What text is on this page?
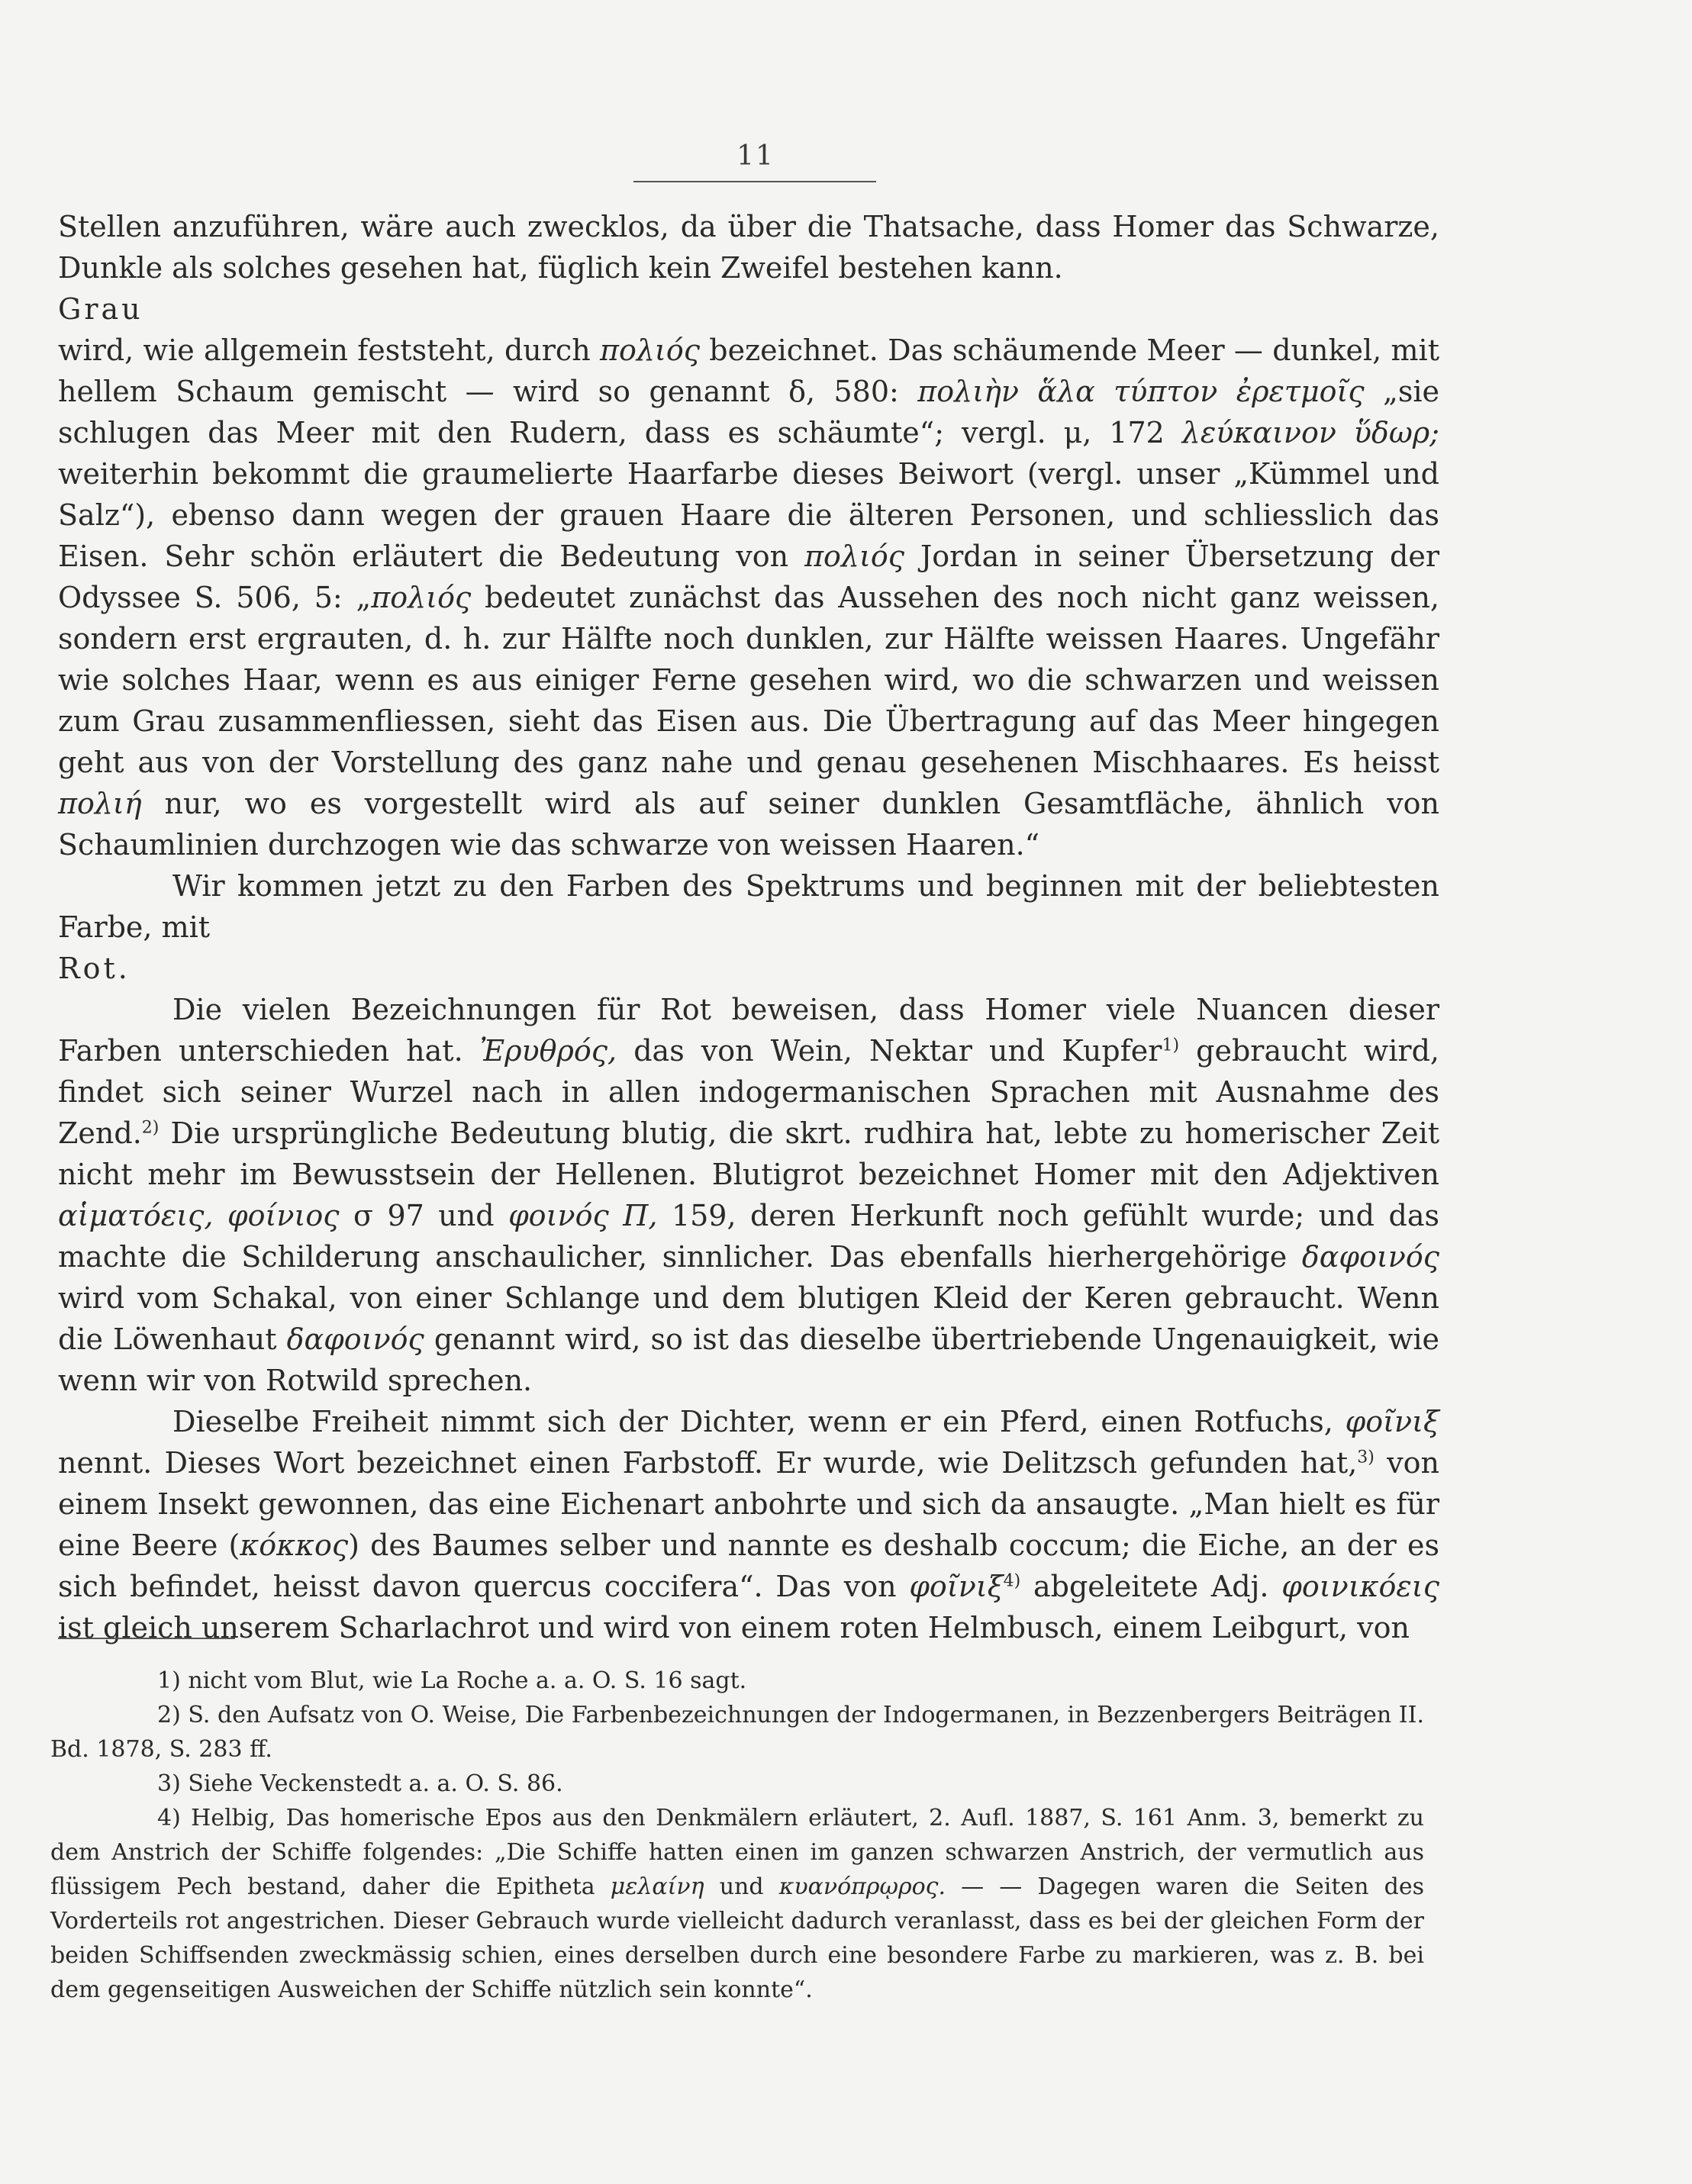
11

Stellen anzuführen, wäre auch zwecklos, da über die Thatsache, dass Homer das Schwarze, Dunkle als solches gesehen hat, füglich kein Zweifel bestehen kann.

Grau

wird, wie allgemein feststeht, durch πολιός bezeichnet. Das schäumende Meer — dunkel, mit hellem Schaum gemischt — wird so genannt δ, 580: πολιὴν ἅλα τύπτον ἐρετμοῖς „sie schlugen das Meer mit den Rudern, dass es schäumte“; vergl. μ, 172 λεύκαινον ὕδωρ; weiterhin bekommt die graumelierte Haarfarbe dieses Beiwort (vergl. unser „Kümmel und Salz“), ebenso dann wegen der grauen Haare die älteren Personen, und schliesslich das Eisen. Sehr schön erläutert die Bedeutung von πολιός Jordan in seiner Übersetzung der Odyssee S. 506, 5: „πολιός bedeutet zunächst das Aussehen des noch nicht ganz weissen, sondern erst ergrauten, d. h. zur Hälfte noch dunklen, zur Hälfte weissen Haares. Ungefähr wie solches Haar, wenn es aus einiger Ferne gesehen wird, wo die schwarzen und weissen zum Grau zusammenfliessen, sieht das Eisen aus. Die Übertragung auf das Meer hingegen geht aus von der Vorstellung des ganz nahe und genau gesehenen Mischhaares. Es heisst πολιή nur, wo es vorgestellt wird als auf seiner dunklen Gesamtfläche, ähnlich von Schaumlinien durchzogen wie das schwarze von weissen Haaren.“

Wir kommen jetzt zu den Farben des Spektrums und beginnen mit der beliebtesten Farbe, mit

Rot.

Die vielen Bezeichnungen für Rot beweisen, dass Homer viele Nuancen dieser Farben unterschieden hat. Ἐρυθρός, das von Wein, Nektar und Kupfer$^{1)}$ gebraucht wird, findet sich seiner Wurzel nach in allen indogermanischen Sprachen mit Ausnahme des Zend.$^{2)}$ Die ursprüngliche Bedeutung blutig, die skrt. rudhira hat, lebte zu homerischer Zeit nicht mehr im Bewusstsein der Hellenen. Blutigrot bezeichnet Homer mit den Adjektiven αἱματόεις, φοίνιος σ 97 und φοινός Π, 159, deren Herkunft noch gefühlt wurde; und das machte die Schilderung anschaulicher, sinnlicher. Das ebenfalls hierhergehörige δαφοινός wird vom Schakal, von einer Schlange und dem blutigen Kleid der Keren gebraucht. Wenn die Löwenhaut δαφοινός genannt wird, so ist das dieselbe übertriebende Ungenauigkeit, wie wenn wir von Rotwild sprechen.

Dieselbe Freiheit nimmt sich der Dichter, wenn er ein Pferd, einen Rotfuchs, φοῖνιξ nennt. Dieses Wort bezeichnet einen Farbstoff. Er wurde, wie Delitzsch gefunden hat,$^{3)}$ von einem Insekt gewonnen, das eine Eichenart anbohrte und sich da ansaugte. „Man hielt es für eine Beere (κόκκος) des Baumes selber und nannte es deshalb coccum; die Eiche, an der es sich befindet, heisst davon quercus coccifera“. Das von φοῖνιξ$^{4)}$ abgeleitete Adj. φοινικόεις ist gleich unserem Scharlachrot und wird von einem roten Helmbusch, einem Leibgurt, von

1) nicht vom Blut, wie La Roche a. a. O. S. 16 sagt.

2) S. den Aufsatz von O. Weise, Die Farbenbezeichnungen der Indogermanen, in Bezzenbergers Beiträgen II. Bd. 1878, S. 283 ff.

3) Siehe Veckenstedt a. a. O. S. 86.

4) Helbig, Das homerische Epos aus den Denkmälern erläutert, 2. Aufl. 1887, S. 161 Anm. 3, bemerkt zu dem Anstrich der Schiffe folgendes: „Die Schiffe hatten einen im ganzen schwarzen Anstrich, der vermutlich aus flüssigem Pech bestand, daher die Epitheta μελαίνη und κυανόπρῳρος. — — Dagegen waren die Seiten des Vorderteils rot angestrichen. Dieser Gebrauch wurde vielleicht dadurch veranlasst, dass es bei der gleichen Form der beiden Schiffsenden zweckmässig schien, eines derselben durch eine besondere Farbe zu markieren, was z. B. bei dem gegenseitigen Ausweichen der Schiffe nützlich sein konnte“.
